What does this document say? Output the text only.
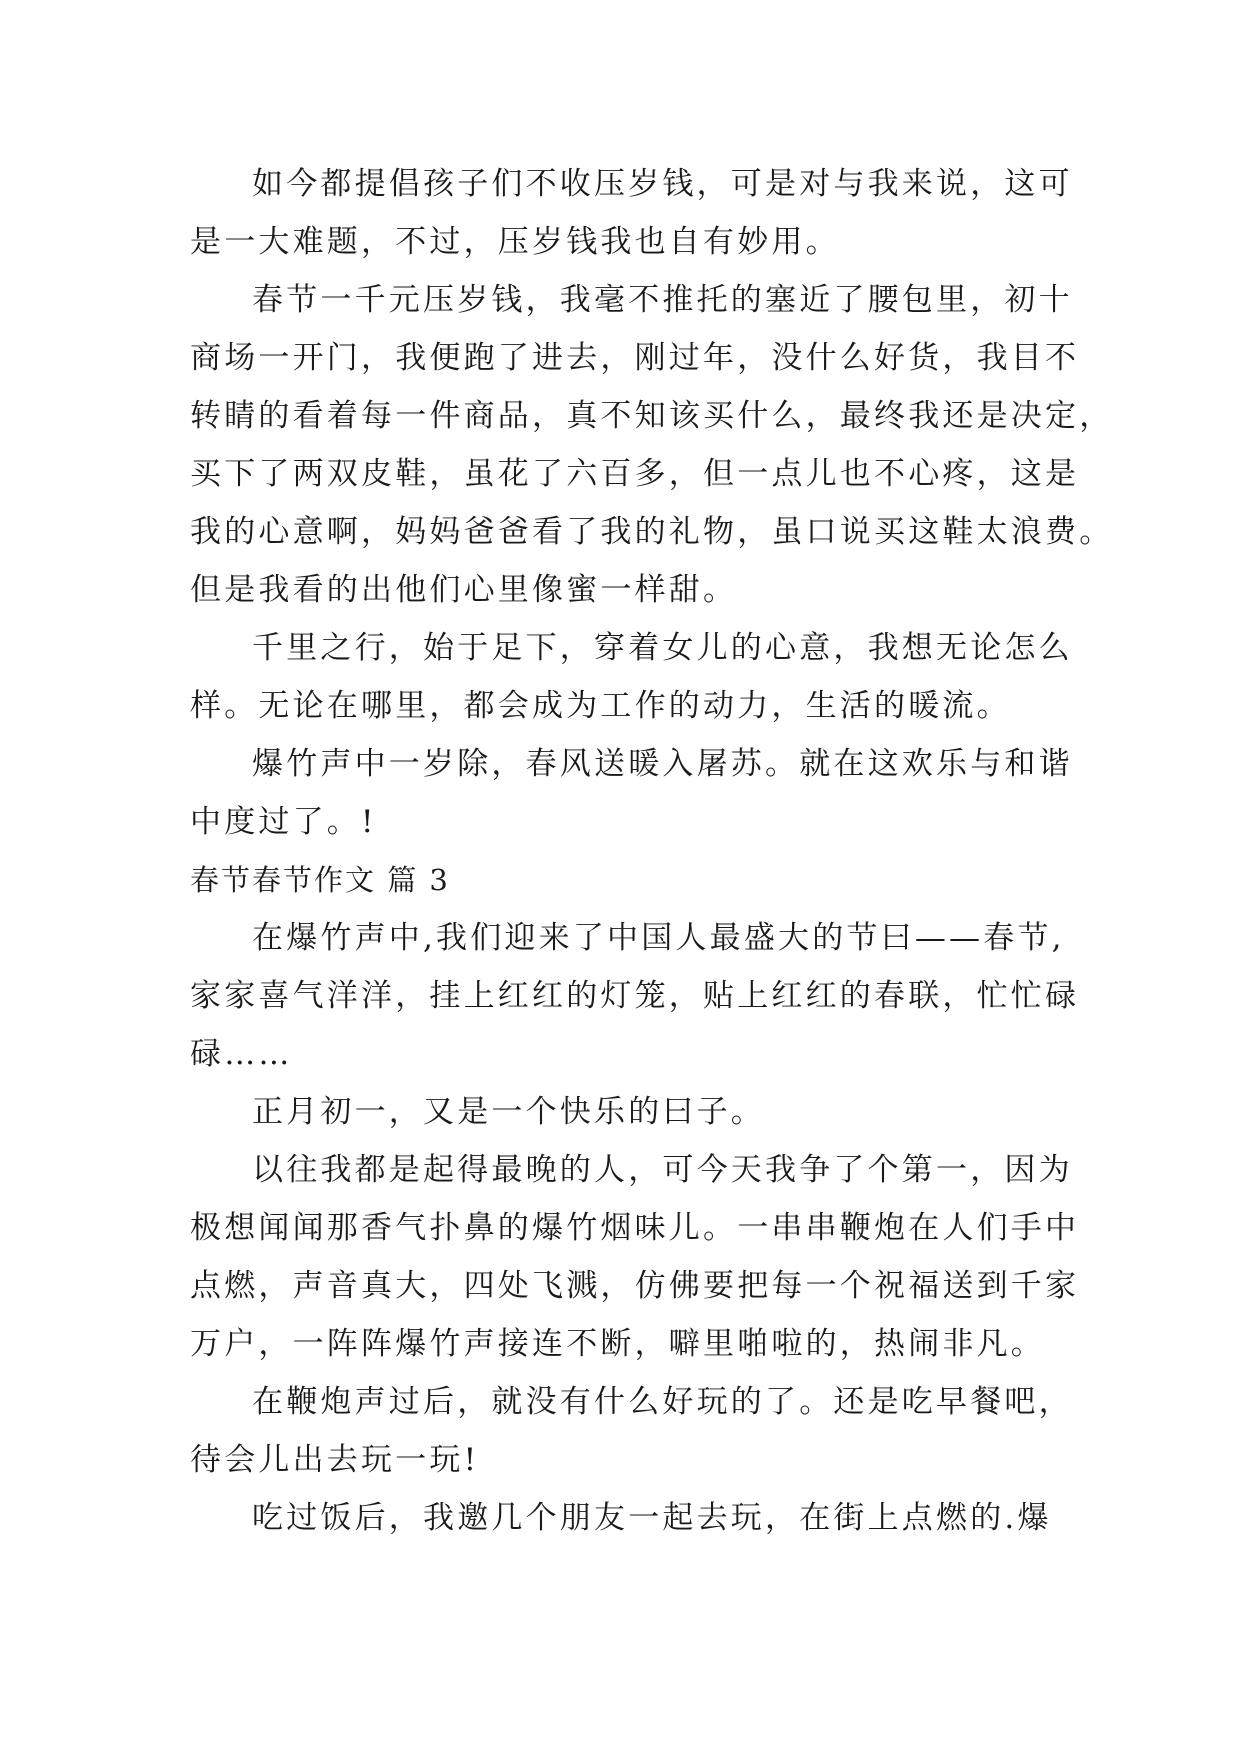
如今都提倡孩子们不收压岁钱，可是对与我来说，这可
是一大难题，不过，压岁钱我也自有妙用。
春节一千元压岁钱，我毫不推托的塞近了腰包里，初十
商场一开门，我便跑了进去，刚过年，没什么好货，我目不
转睛的看着每一件商品，真不知该买什么，最终我还是决定，
买下了两双皮鞋，虽花了六百多，但一点儿也不心疼，这是
我的心意啊，妈妈爸爸看了我的礼物，虽口说买这鞋太浪费。
但是我看的出他们心里像蜜一样甜。
千里之行，始于足下，穿着女儿的心意，我想无论怎么
样。无论在哪里，都会成为工作的动力，生活的暖流。
爆竹声中一岁除，春风送暖入屠苏。就在这欢乐与和谐
中度过了。!
春节春节作文 篇 3
在爆竹声中,我们迎来了中国人最盛大的节曰——春节,
家家喜气洋洋，挂上红红的灯笼，贴上红红的春联，忙忙碌
碌……
正月初一，又是一个快乐的曰子。
以往我都是起得最晚的人，可今天我争了个第一，因为
极想闻闻那香气扑鼻的爆竹烟味儿。一串串鞭炮在人们手中
点燃，声音真大，四处飞溅，仿佛要把每一个祝福送到千家
万户，一阵阵爆竹声接连不断，噼里啪啦的，热闹非凡。
在鞭炮声过后，就没有什么好玩的了。还是吃早餐吧，
待会儿出去玩一玩!
吃过饭后，我邀几个朋友一起去玩，在街上点燃的.爆
